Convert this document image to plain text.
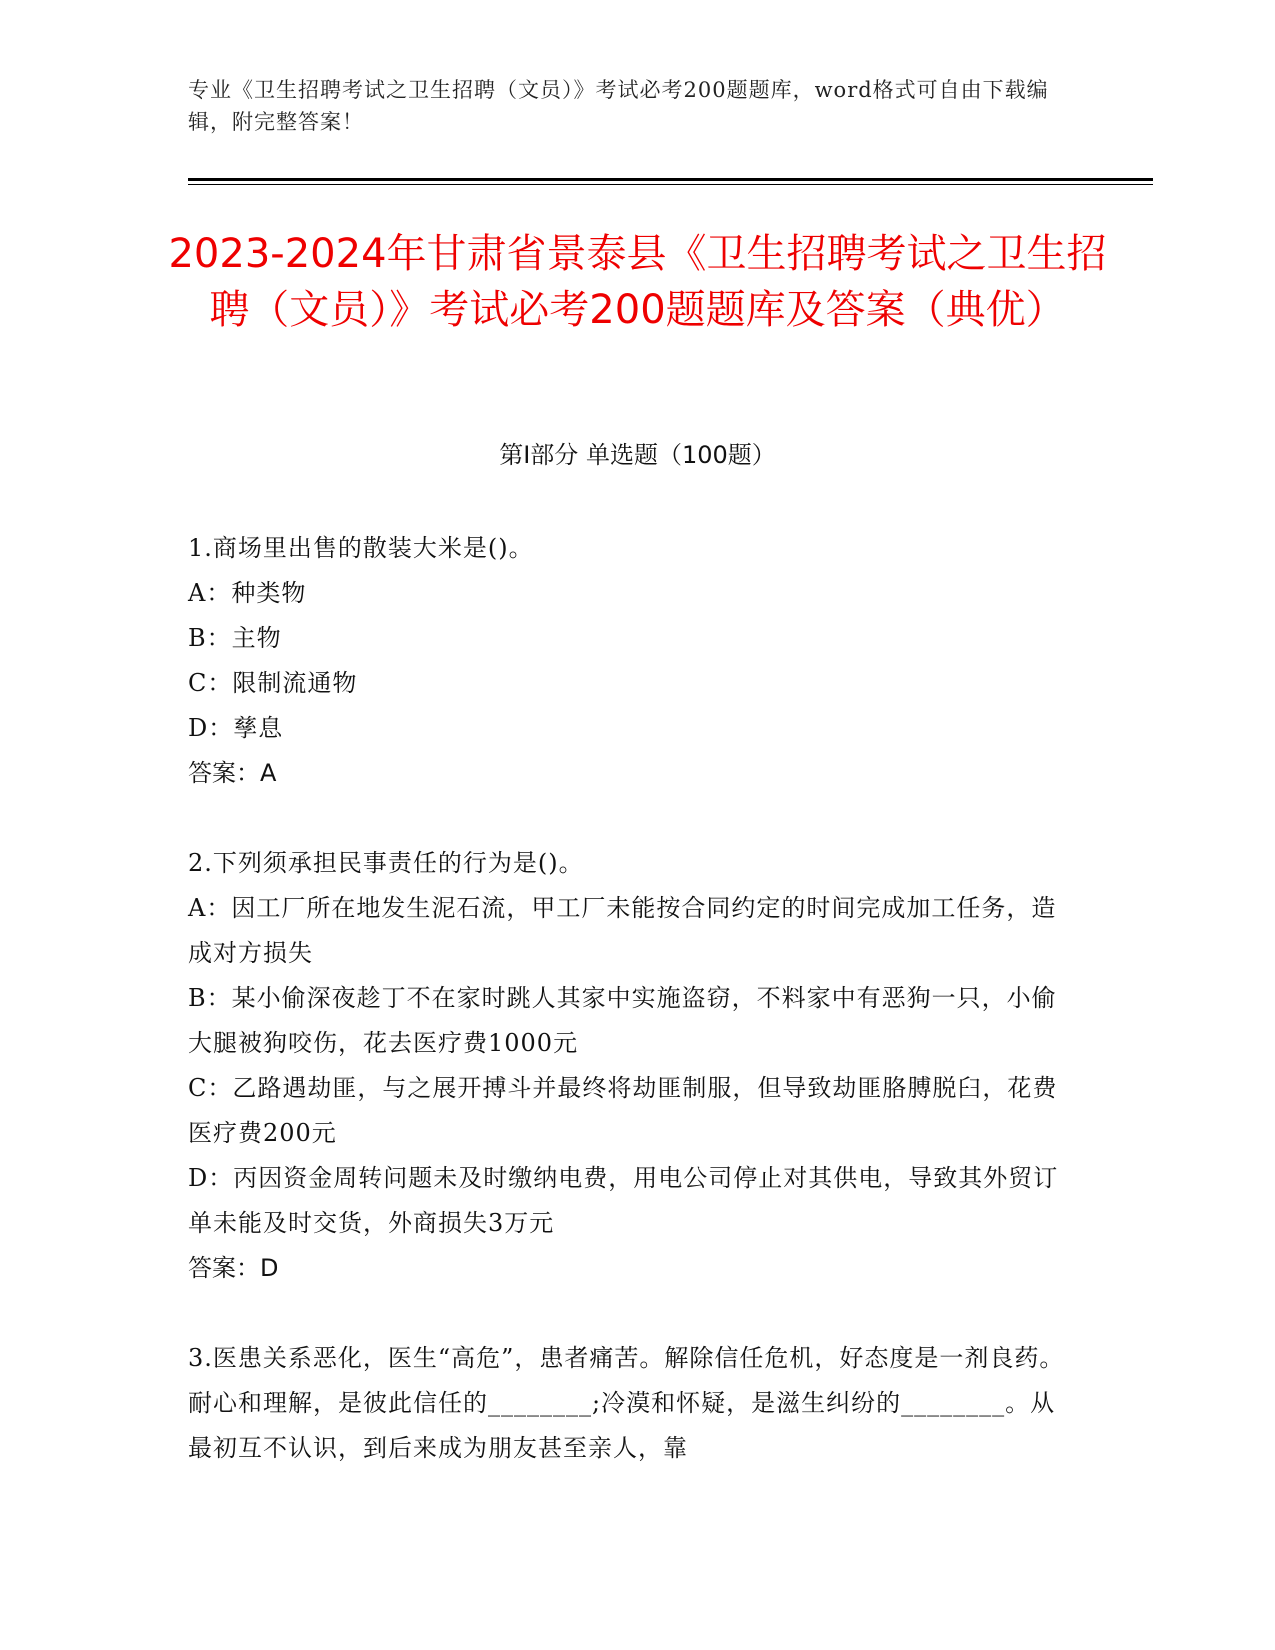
专业《卫生招聘考试之卫生招聘（文员）》考试必考200题题库，word格式可自由下载编辑，附完整答案！
2023-2024年甘肃省景泰县《卫生招聘考试之卫生招聘（文员）》考试必考200题题库及答案（典优）
第Ⅰ部分 单选题（100题）
1.商场里出售的散装大米是()。
A：种类物
B：主物
C：限制流通物
D：孳息
答案：A
2.下列须承担民事责任的行为是()。
A：因工厂所在地发生泥石流，甲工厂未能按合同约定的时间完成加工任务，造成对方损失
B：某小偷深夜趁丁不在家时跳人其家中实施盗窃，不料家中有恶狗一只，小偷大腿被狗咬伤，花去医疗费1000元
C：乙路遇劫匪，与之展开搏斗并最终将劫匪制服，但导致劫匪胳膊脱臼，花费医疗费200元
D：丙因资金周转问题未及时缴纳电费，用电公司停止对其供电，导致其外贸订单未能及时交货，外商损失3万元
答案：D
3.医患关系恶化，医生“高危”，患者痛苦。解除信任危机，好态度是一剂良药。耐心和理解，是彼此信任的________;冷漠和怀疑，是滋生纠纷的________。从最初互不认识，到后来成为朋友甚至亲人，靠
